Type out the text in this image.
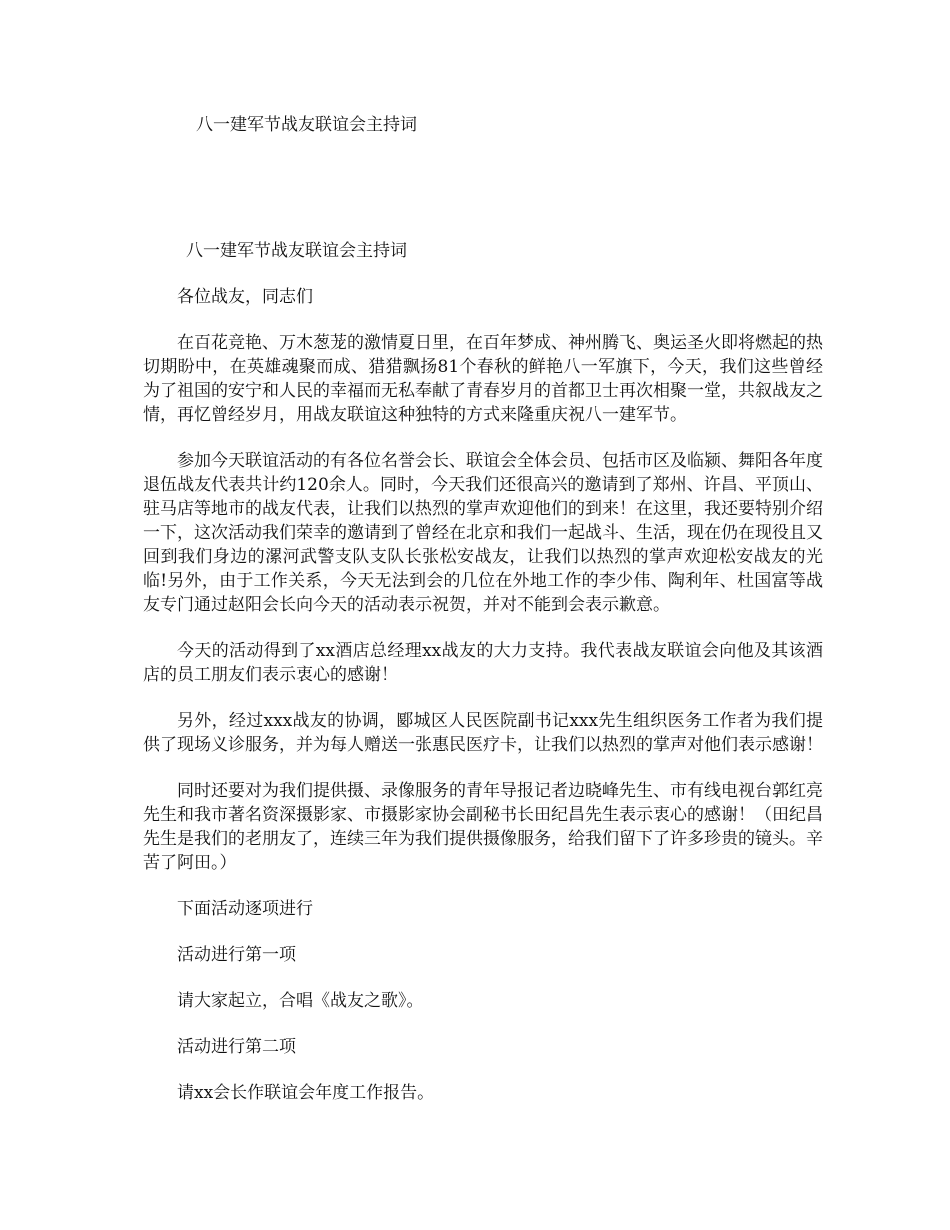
八一建军节战友联谊会主持词

八一建军节战友联谊会主持词

各位战友，同志们

在百花竞艳、万木葱茏的激情夏日里，在百年梦成、神州腾飞、奥运圣火即将燃起的热切期盼中，在英雄魂聚而成、猎猎飘扬81个春秋的鲜艳八一军旗下，今天，我们这些曾经为了祖国的安宁和人民的幸福而无私奉献了青春岁月的首都卫士再次相聚一堂，共叙战友之情，再忆曾经岁月，用战友联谊这种独特的方式来隆重庆祝八一建军节。

参加今天联谊活动的有各位名誉会长、联谊会全体会员、包括市区及临颍、舞阳各年度退伍战友代表共计约120余人。同时，今天我们还很高兴的邀请到了郑州、许昌、平顶山、驻马店等地市的战友代表，让我们以热烈的掌声欢迎他们的到来！在这里，我还要特别介绍一下，这次活动我们荣幸的邀请到了曾经在北京和我们一起战斗、生活，现在仍在现役且又回到我们身边的漯河武警支队支队长张松安战友，让我们以热烈的掌声欢迎松安战友的光临!另外，由于工作关系，今天无法到会的几位在外地工作的李少伟、陶利年、杜国富等战友专门通过赵阳会长向今天的活动表示祝贺，并对不能到会表示歉意。

今天的活动得到了xx酒店总经理xx战友的大力支持。我代表战友联谊会向他及其该酒店的员工朋友们表示衷心的感谢！

另外，经过xxx战友的协调，郾城区人民医院副书记xxx先生组织医务工作者为我们提供了现场义诊服务，并为每人赠送一张惠民医疗卡，让我们以热烈的掌声对他们表示感谢！

同时还要对为我们提供摄、录像服务的青年导报记者边晓峰先生、市有线电视台郭红亮先生和我市著名资深摄影家、市摄影家协会副秘书长田纪昌先生表示衷心的感谢！（田纪昌先生是我们的老朋友了，连续三年为我们提供摄像服务，给我们留下了许多珍贵的镜头。辛苦了阿田。）

下面活动逐项进行

活动进行第一项

请大家起立，合唱《战友之歌》。

活动进行第二项

请xx会长作联谊会年度工作报告。
